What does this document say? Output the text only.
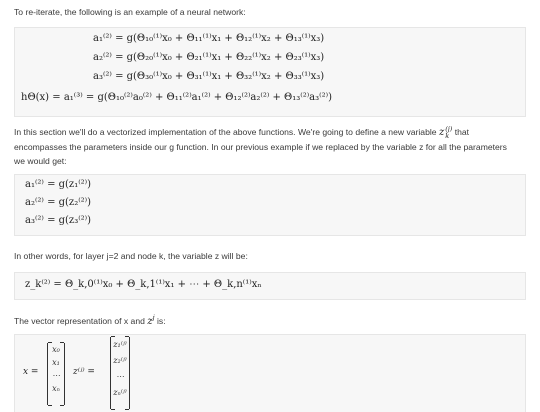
To re-iterate, the following is an example of a neural network:
a₁⁽²⁾ = g(Θ₁₀⁽¹⁾x₀ + Θ₁₁⁽¹⁾x₁ + Θ₁₂⁽¹⁾x₂ + Θ₁₃⁽¹⁾x₃)
a₂⁽²⁾ = g(Θ₂₀⁽¹⁾x₀ + Θ₂₁⁽¹⁾x₁ + Θ₂₂⁽¹⁾x₂ + Θ₂₃⁽¹⁾x₃)
a₃⁽²⁾ = g(Θ₃₀⁽¹⁾x₀ + Θ₃₁⁽¹⁾x₁ + Θ₃₂⁽¹⁾x₂ + Θ₃₃⁽¹⁾x₃)
hΘ(x) = a₁⁽³⁾ = g(Θ₁₀⁽²⁾a₀⁽²⁾ + Θ₁₁⁽²⁾a₁⁽²⁾ + Θ₁₂⁽²⁾a₂⁽²⁾ + Θ₁₃⁽²⁾a₃⁽²⁾)
In this section we'll do a vectorized implementation of the above functions. We're going to define a new variable z (j)
k that encompasses the parameters inside our g function. In our previous example if we replaced by the variable z for all the parameters we would get:
a₁⁽²⁾ = g(z₁⁽²⁾)
a₂⁽²⁾ = g(z₂⁽²⁾)
a₃⁽²⁾ = g(z₃⁽²⁾)
In other words, for layer j=2 and node k, the variable z will be:
z_k⁽²⁾ = Θ_k,0⁽¹⁾x₀ + Θ_k,1⁽¹⁾x₁ + ⋯ + Θ_k,n⁽¹⁾xₙ
The vector representation of x and $z^j$ is:
x =
x₀
x₁
⋯
xₙ
z⁽ʲ⁾ =
z₁⁽ʲ⁾
z₂⁽ʲ⁾
⋯
zₙ⁽ʲ⁾
